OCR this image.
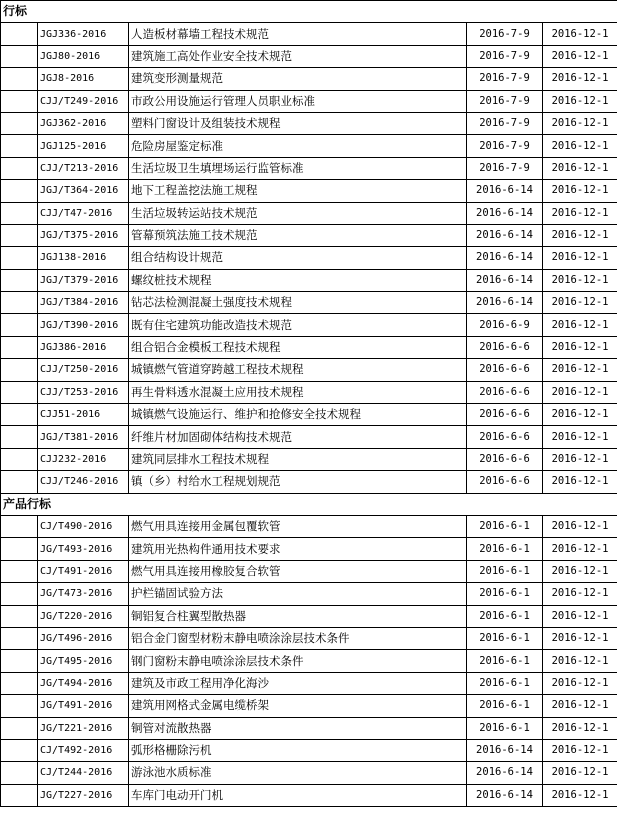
行标				
	JGJ336-2016	人造板材幕墙工程技术规范	2016-7-9	2016-12-1
	JGJ80-2016	建筑施工高处作业安全技术规范	2016-7-9	2016-12-1
	JGJ8-2016	建筑变形测量规范	2016-7-9	2016-12-1
	CJJ/T249-2016	市政公用设施运行管理人员职业标准	2016-7-9	2016-12-1
	JGJ362-2016	塑料门窗设计及组装技术规程	2016-7-9	2016-12-1
	JGJ125-2016	危险房屋鉴定标准	2016-7-9	2016-12-1
	CJJ/T213-2016	生活垃圾卫生填埋场运行监管标准	2016-7-9	2016-12-1
	JGJ/T364-2016	地下工程盖挖法施工规程	2016-6-14	2016-12-1
	CJJ/T47-2016	生活垃圾转运站技术规范	2016-6-14	2016-12-1
	JGJ/T375-2016	管幕预筑法施工技术规范	2016-6-14	2016-12-1
	JGJ138-2016	组合结构设计规范	2016-6-14	2016-12-1
	JGJ/T379-2016	螺纹桩技术规程	2016-6-14	2016-12-1
	JGJ/T384-2016	钻芯法检测混凝土强度技术规程	2016-6-14	2016-12-1
	JGJ/T390-2016	既有住宅建筑功能改造技术规范	2016-6-9	2016-12-1
	JGJ386-2016	组合铝合金模板工程技术规程	2016-6-6	2016-12-1
	CJJ/T250-2016	城镇燃气管道穿跨越工程技术规程	2016-6-6	2016-12-1
	CJJ/T253-2016	再生骨料透水混凝土应用技术规程	2016-6-6	2016-12-1
	CJJ51-2016	城镇燃气设施运行、维护和抢修安全技术规程	2016-6-6	2016-12-1
	JGJ/T381-2016	纤维片材加固砌体结构技术规范	2016-6-6	2016-12-1
	CJJ232-2016	建筑同层排水工程技术规程	2016-6-6	2016-12-1
	CJJ/T246-2016	镇（乡）村给水工程规划规范	2016-6-6	2016-12-1
产品行标				
	CJ/T490-2016	燃气用具连接用金属包覆软管	2016-6-1	2016-12-1
	JG/T493-2016	建筑用光热构件通用技术要求	2016-6-1	2016-12-1
	CJ/T491-2016	燃气用具连接用橡胶复合软管	2016-6-1	2016-12-1
	JG/T473-2016	护栏锚固试验方法	2016-6-1	2016-12-1
	JG/T220-2016	铜铝复合柱翼型散热器	2016-6-1	2016-12-1
	JG/T496-2016	铝合金门窗型材粉末静电喷涂涂层技术条件	2016-6-1	2016-12-1
	JG/T495-2016	钢门窗粉末静电喷涂涂层技术条件	2016-6-1	2016-12-1
	JG/T494-2016	建筑及市政工程用净化海沙	2016-6-1	2016-12-1
	JG/T491-2016	建筑用网格式金属电缆桥架	2016-6-1	2016-12-1
	JG/T221-2016	铜管对流散热器	2016-6-1	2016-12-1
	CJ/T492-2016	弧形格栅除污机	2016-6-14	2016-12-1
	CJ/T244-2016	游泳池水质标准	2016-6-14	2016-12-1
	JG/T227-2016	车库门电动开门机	2016-6-14	2016-12-1
